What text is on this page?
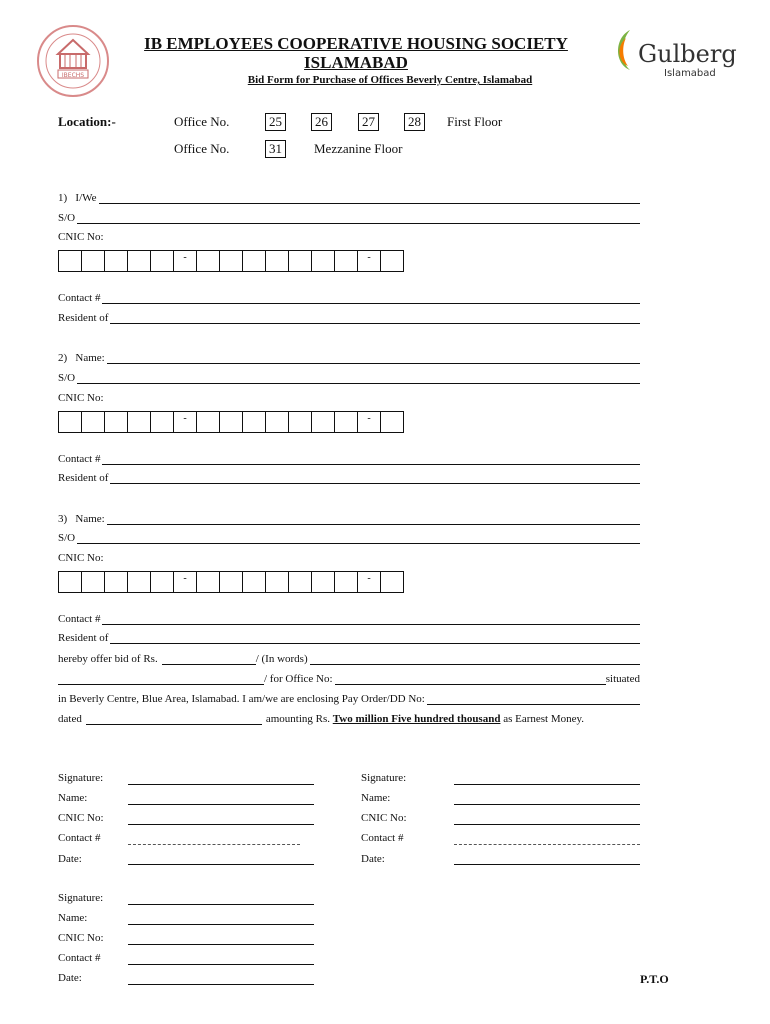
IBECHS
Gulberg
Islamabad
IB EMPLOYEES COOPERATIVE HOUSING SOCIETY
ISLAMABAD
Bid Form for Purchase of Offices Beverly Centre, Islamabad
Location:-	Office No.	25	26	27	28	First Floor
Office No.	31	Mezzanine Floor
1)
I/We
S/O
CNIC No:
-	-
Contact #
Resident of
2)
Name:
S/O
CNIC No:
-	-
Contact #
Resident of
3)
Name:
S/O
CNIC No:
-	-
Contact #
Resident of
hereby offer bid of Rs.	/ (In words)
/ for Office No:	situated
in Beverly Centre, Blue Area, Islamabad. I am/we are enclosing Pay Order/DD No:
dated	amounting Rs.
Two million Five hundred thousand
as Earnest Money.
Signature:
Name:
CNIC No:
Contact #
Date:
Signature:
Name:
CNIC No:
Contact #
Date:
Signature:
Name:
CNIC No:
Contact #
Date:	P.T.O
